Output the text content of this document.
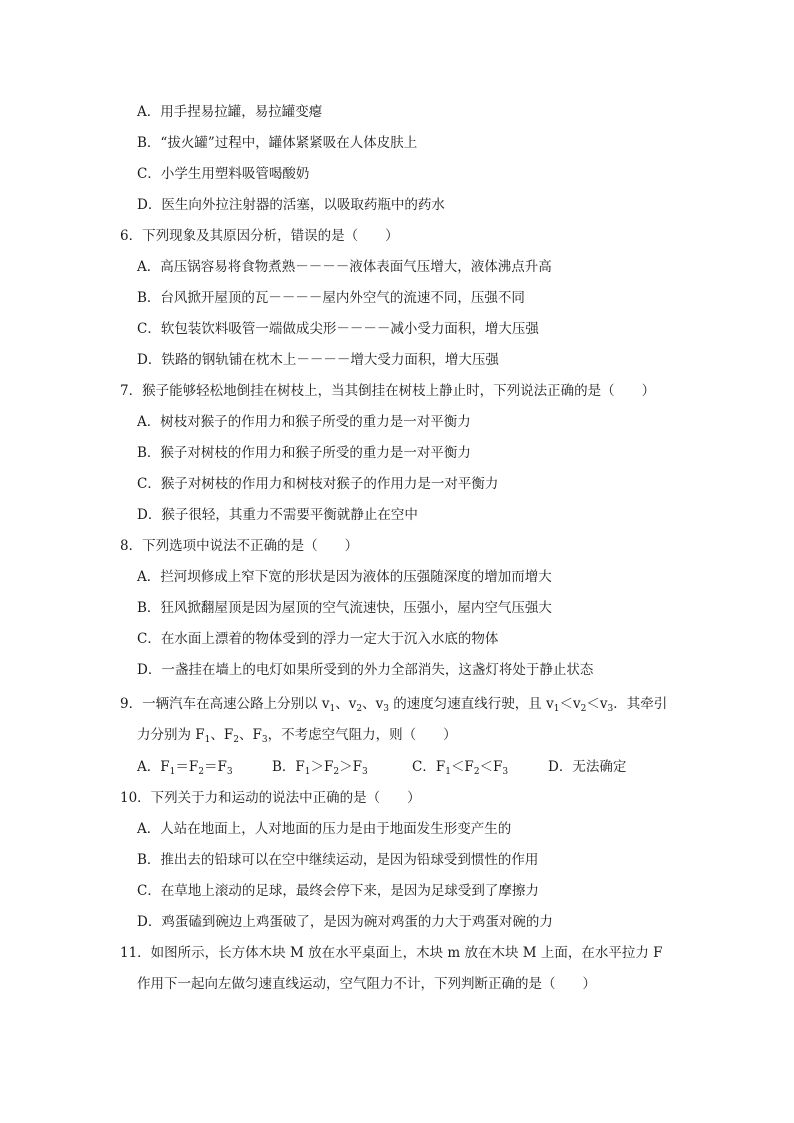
A．用手捏易拉罐，易拉罐变瘪
B．“拔火罐”过程中，罐体紧紧吸在人体皮肤上
C．小学生用塑料吸管喝酸奶
D．医生向外拉注射器的活塞，以吸取药瓶中的药水
6．下列现象及其原因分析，错误的是（　　）
A．高压锅容易将食物煮熟－－－－液体表面气压增大，液体沸点升高
B．台风掀开屋顶的瓦－－－－屋内外空气的流速不同，压强不同
C．软包装饮料吸管一端做成尖形－－－－减小受力面积，增大压强
D．铁路的钢轨铺在枕木上－－－－增大受力面积，增大压强
7．猴子能够轻松地倒挂在树枝上，当其倒挂在树枝上静止时，下列说法正确的是（　　）
A．树枝对猴子的作用力和猴子所受的重力是一对平衡力
B．猴子对树枝的作用力和猴子所受的重力是一对平衡力
C．猴子对树枝的作用力和树枝对猴子的作用力是一对平衡力
D．猴子很轻，其重力不需要平衡就静止在空中
8．下列选项中说法不正确的是（　　）
A．拦河坝修成上窄下宽的形状是因为液体的压强随深度的增加而增大
B．狂风掀翻屋顶是因为屋顶的空气流速快，压强小，屋内空气压强大
C．在水面上漂着的物体受到的浮力一定大于沉入水底的物体
D．一盏挂在墙上的电灯如果所受到的外力全部消失，这盏灯将处于静止状态
9．一辆汽车在高速公路上分别以 $v_1$、$v_2$、$v_3$ 的速度匀速直线行驶，且 $v_1<v_2<v_3$．其牵引
力分别为 $F_1$、$F_2$、$F_3$，不考虑空气阻力，则（　　）
A．$F_1=F_2=F_3$	B．$F_1>F_2>F_3$	C．$F_1<F_2<F_3$	D．无法确定
10．下列关于力和运动的说法中正确的是（　　）
A．人站在地面上，人对地面的压力是由于地面发生形变产生的
B．推出去的铅球可以在空中继续运动，是因为铅球受到惯性的作用
C．在草地上滚动的足球，最终会停下来，是因为足球受到了摩擦力
D．鸡蛋磕到碗边上鸡蛋破了，是因为碗对鸡蛋的力大于鸡蛋对碗的力
11．如图所示，长方体木块 M 放在水平桌面上，木块 m 放在木块 M 上面，在水平拉力 F
作用下一起向左做匀速直线运动，空气阻力不计，下列判断正确的是（　　）
